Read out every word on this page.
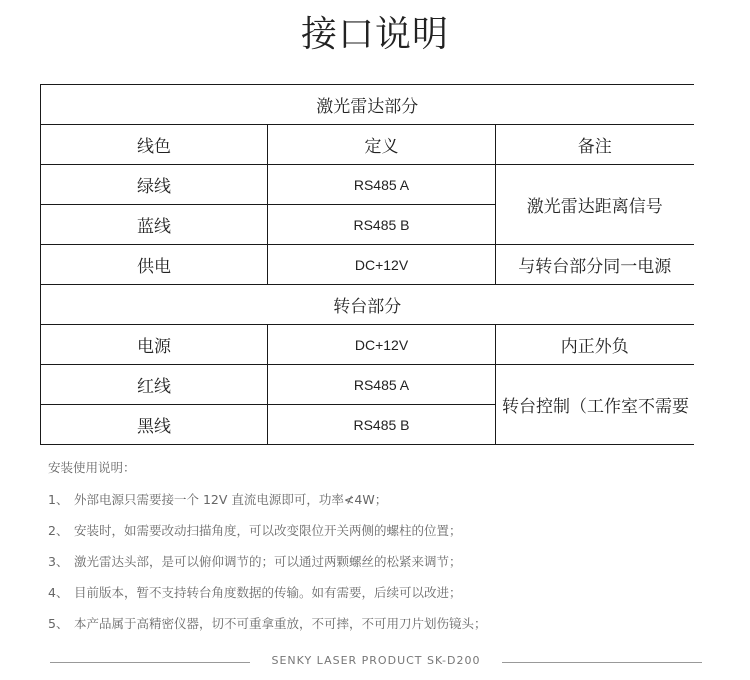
接口说明
激光雷达部分		
线色	定义	备注
绿线	RS485 A	激光雷达距离信号
蓝线	RS485 B	
供电	DC+12V	与转台部分同一电源
转台部分		
电源	DC+12V	内正外负
红线	RS485 A	转台控制（工作室不需要
黑线	RS485 B	
安装使用说明：
1、 外部电源只需要接一个 12V 直流电源即可，功率≮4W；
2、 安装时，如需要改动扫描角度，可以改变限位开关两侧的螺柱的位置；
3、 激光雷达头部，是可以俯仰调节的；可以通过两颗螺丝的松紧来调节；
4、 目前版本，暂不支持转台角度数据的传输。如有需要，后续可以改进；
5、 本产品属于高精密仪器，切不可重拿重放，不可摔，不可用刀片划伤镜头；
SENKY LASER PRODUCT SK-D200
